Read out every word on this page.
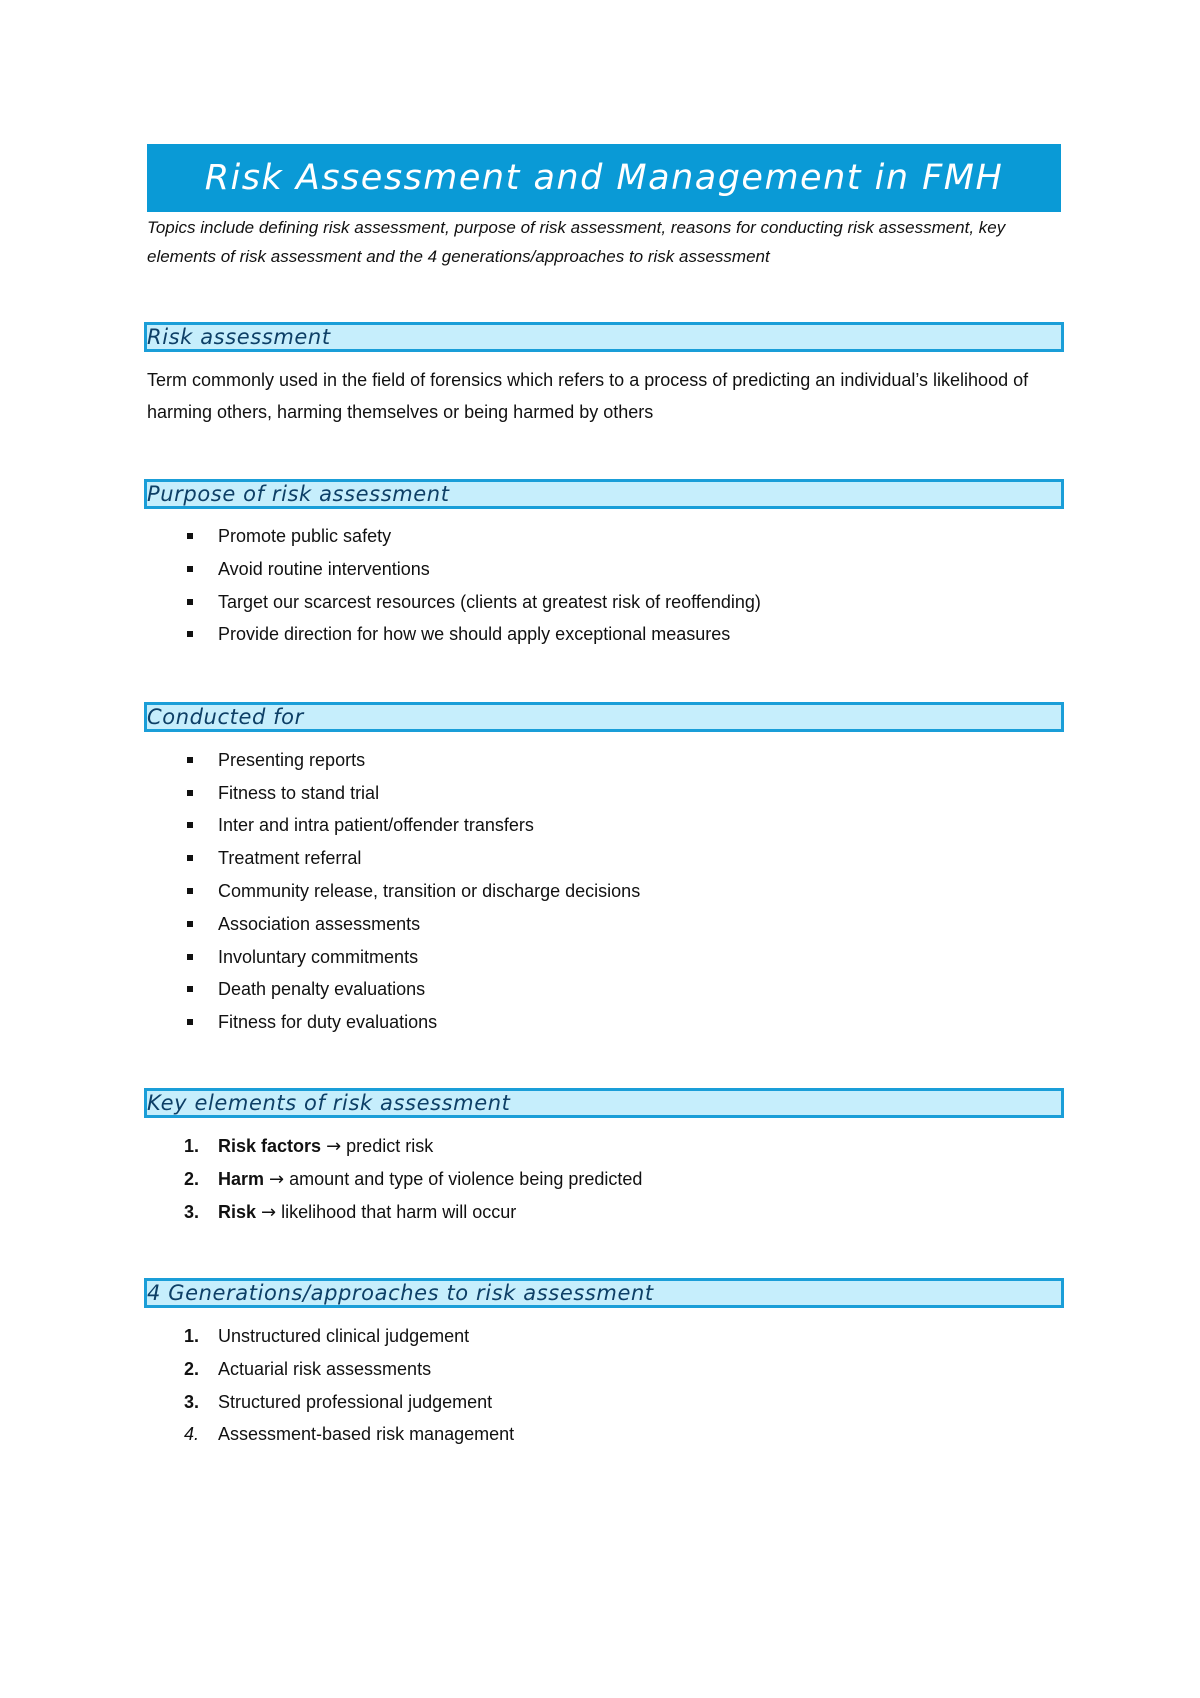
Risk Assessment and Management in FMH
Topics include defining risk assessment, purpose of risk assessment, reasons for conducting risk assessment, key elements of risk assessment and the 4 generations/approaches to risk assessment
Risk assessment
Term commonly used in the field of forensics which refers to a process of predicting an individual’s likelihood of harming others, harming themselves or being harmed by others
Purpose of risk assessment
Promote public safety
Avoid routine interventions
Target our scarcest resources (clients at greatest risk of reoffending)
Provide direction for how we should apply exceptional measures
Conducted for
Presenting reports
Fitness to stand trial
Inter and intra patient/offender transfers
Treatment referral
Community release, transition or discharge decisions
Association assessments
Involuntary commitments
Death penalty evaluations
Fitness for duty evaluations
Key elements of risk assessment
1. Risk factors → predict risk
2. Harm → amount and type of violence being predicted
3. Risk → likelihood that harm will occur
4 Generations/approaches to risk assessment
1. Unstructured clinical judgement
2. Actuarial risk assessments
3. Structured professional judgement
4. Assessment-based risk management
